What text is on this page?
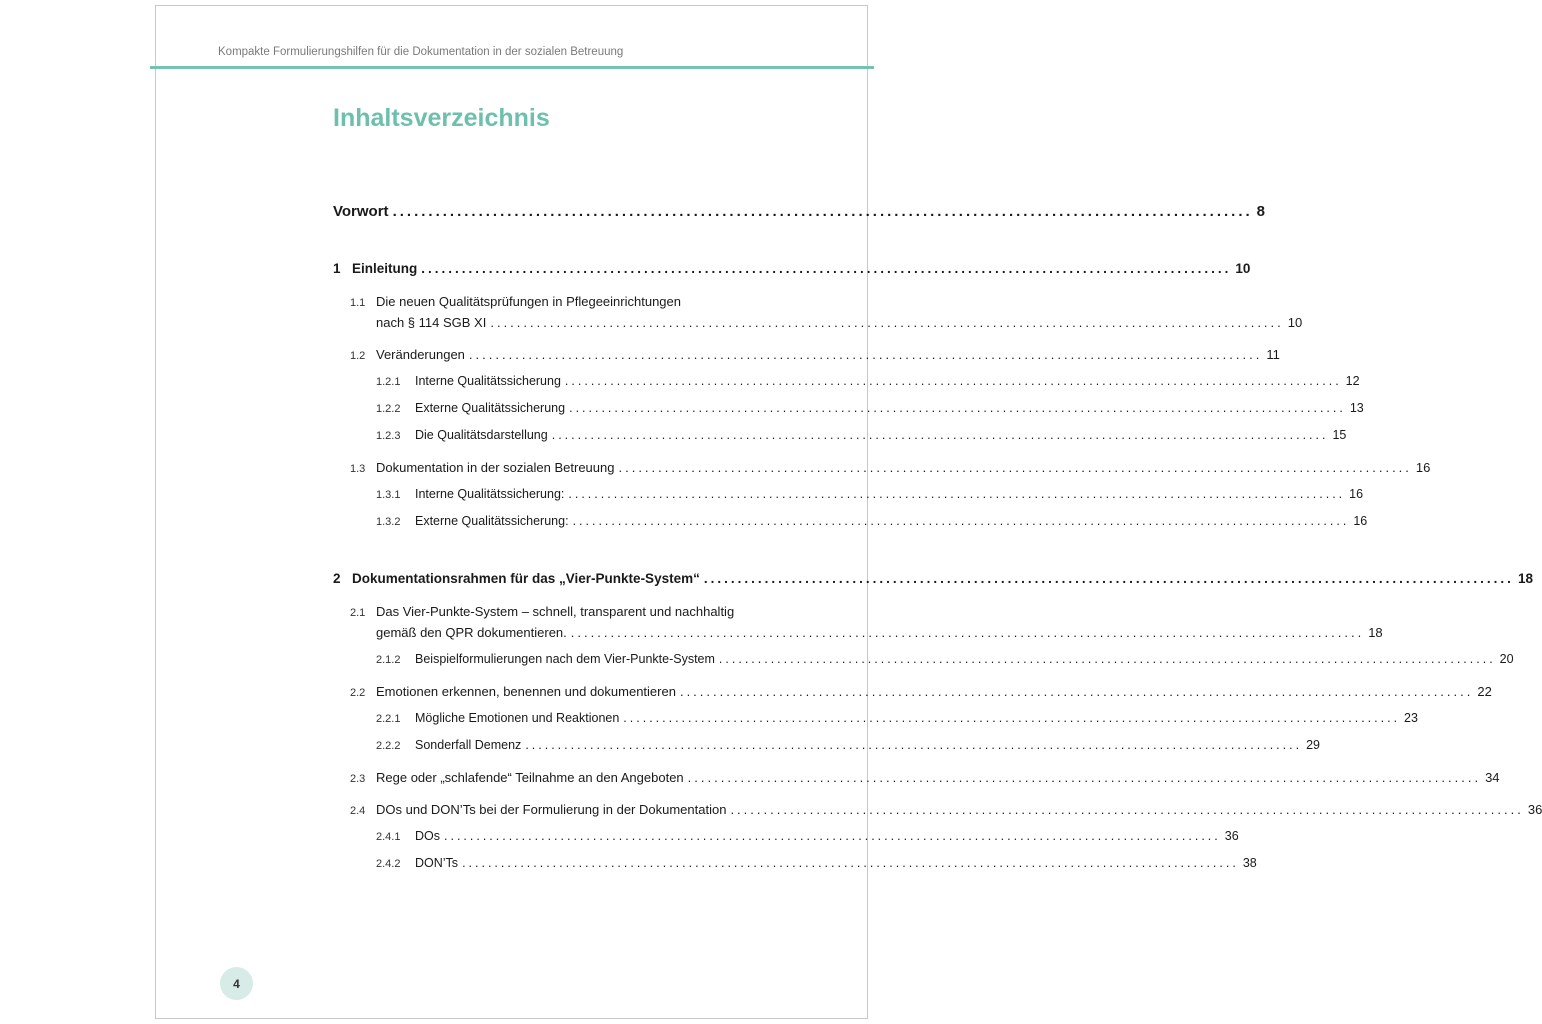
Kompakte Formulierungshilfen für die Dokumentation in der sozialen Betreuung
Inhaltsverzeichnis
Vorwort ........................................................................................................................ 8
1 Einleitung ........................................................................................................................ 10
1.1 Die neuen Qualitätsprüfungen in Pflegeeinrichtungen
nach § 114 SGB XI ........................................................................................................................ 10
1.2 Veränderungen ........................................................................................................................ 11
1.2.1	Interne Qualitätssicherung ........................................................................................................................ 12
1.2.2	Externe Qualitätssicherung ........................................................................................................................ 13
1.2.3	Die Qualitätsdarstellung ........................................................................................................................ 15
1.3 Dokumentation in der sozialen Betreuung ........................................................................................................................ 16
1.3.1	Interne Qualitätssicherung: ........................................................................................................................ 16
1.3.2	Externe Qualitätssicherung: ........................................................................................................................ 16
2 Dokumentationsrahmen für das „Vier-Punkte-System“ ........................................................................................................................ 18
2.1 Das Vier-Punkte-System – schnell, transparent und nachhaltig
gemäß den QPR dokumentieren. ........................................................................................................................ 18
2.1.2	Beispielformulierungen nach dem Vier-Punkte-System ........................................................................................................................ 20
2.2 Emotionen erkennen, benennen und dokumentieren ........................................................................................................................ 22
2.2.1	Mögliche Emotionen und Reaktionen ........................................................................................................................ 23
2.2.2	Sonderfall Demenz ........................................................................................................................ 29
2.3 Rege oder „schlafende“ Teilnahme an den Angeboten ........................................................................................................................ 34
2.4 DOs und DON’Ts bei der Formulierung in der Dokumentation ........................................................................................................................ 36
2.4.1	DOs ........................................................................................................................ 36
2.4.2	DON’Ts ........................................................................................................................ 38
4
